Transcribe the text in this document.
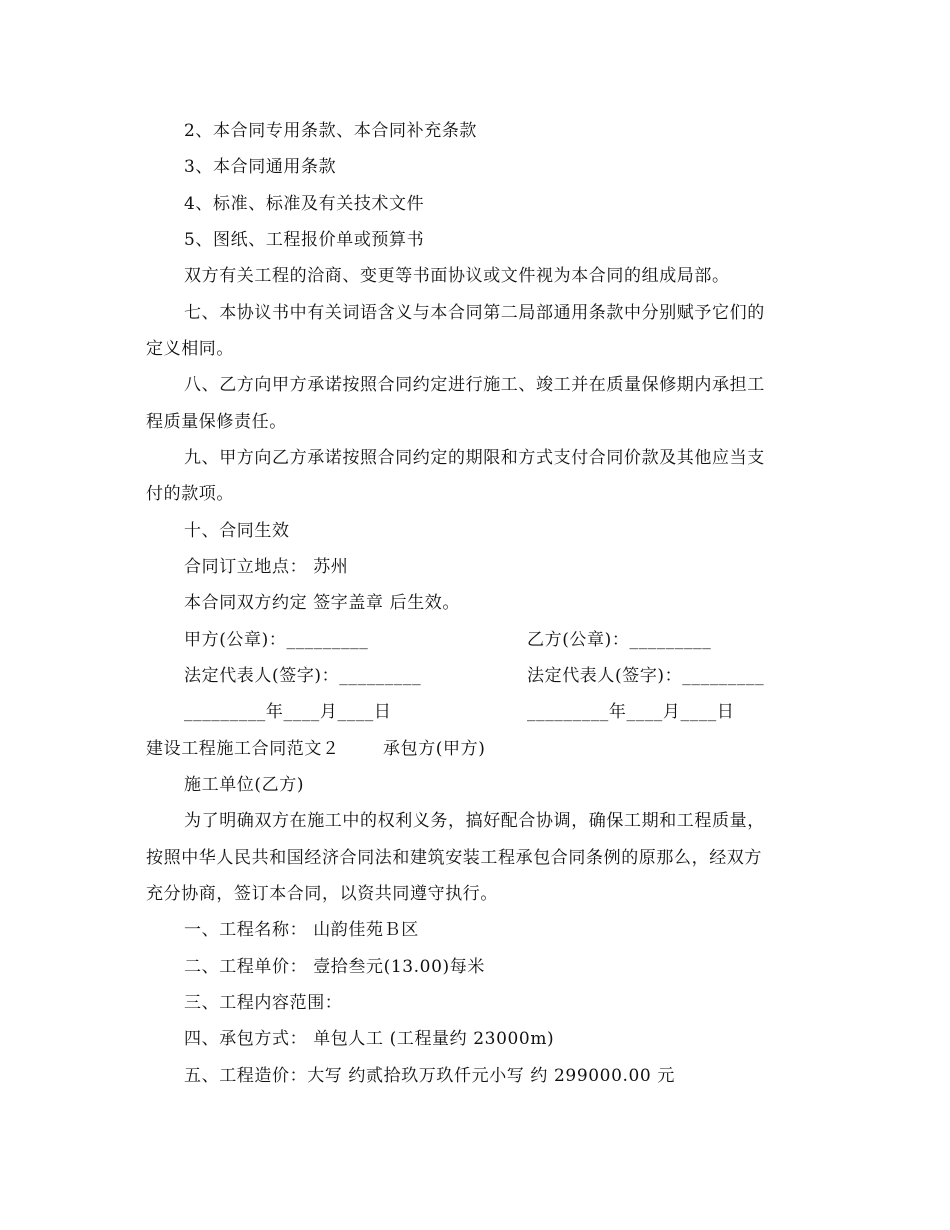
2、本合同专用条款、本合同补充条款
3、本合同通用条款
4、标准、标准及有关技术文件
5、图纸、工程报价单或预算书
双方有关工程的洽商、变更等书面协议或文件视为本合同的组成局部。
七、本协议书中有关词语含义与本合同第二局部通用条款中分别赋予它们的
定义相同。
八、乙方向甲方承诺按照合同约定进行施工、竣工并在质量保修期内承担工
程质量保修责任。
九、甲方向乙方承诺按照合同约定的期限和方式支付合同价款及其他应当支
付的款项。
十、合同生效
合同订立地点： 苏州
本合同双方约定 签字盖章 后生效。
甲方(公章)：_________	乙方(公章)：_________
法定代表人(签字)：_________	法定代表人(签字)：_________
_________年____月____日	_________年____月____日
建设工程施工合同范文２	承包方(甲方)
施工单位(乙方)
为了明确双方在施工中的权利义务，搞好配合协调，确保工期和工程质量，
按照中华人民共和国经济合同法和建筑安装工程承包合同条例的原那么，经双方
充分协商，签订本合同，以资共同遵守执行。
一、工程名称： 山韵佳苑Ｂ区
二、工程单价： 壹拾叁元(13.00)每米
三、工程内容范围：
四、承包方式： 单包人工 (工程量约 23000m)
五、工程造价：大写 约贰拾玖万玖仟元小写 约 299000.00 元
